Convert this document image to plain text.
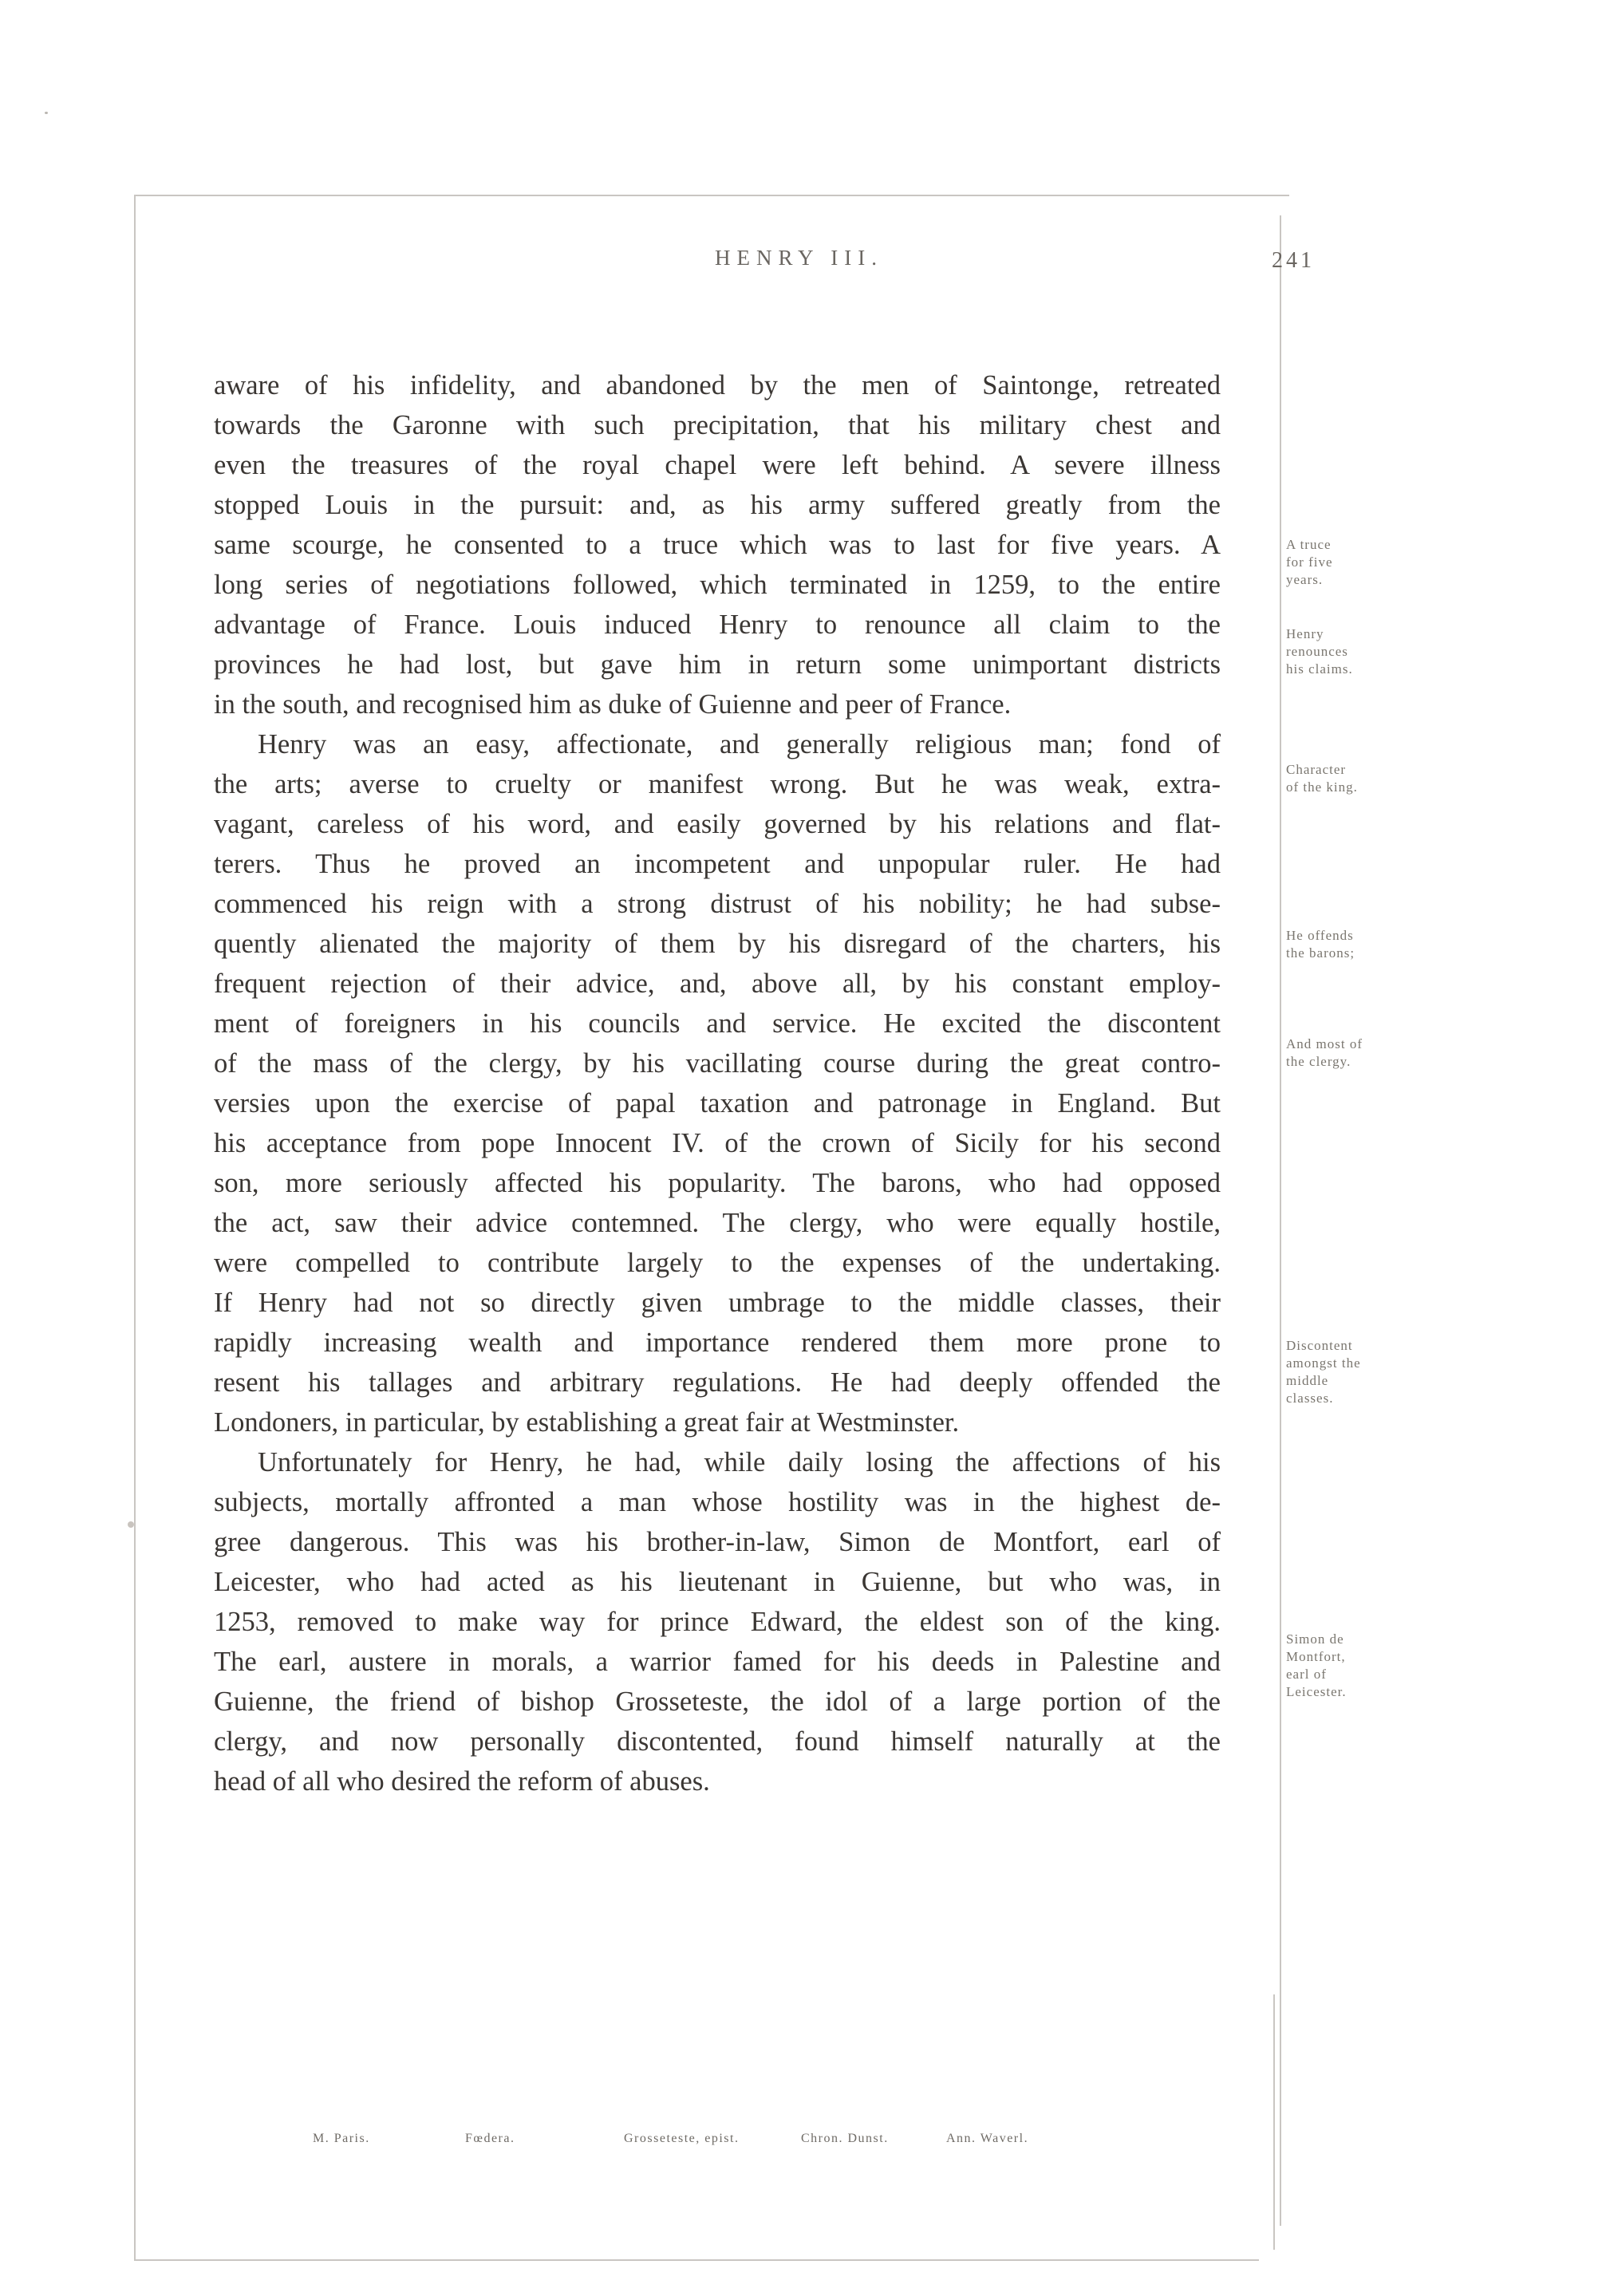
HENRY III.	241
aware of his infidelity, and abandoned by the men of Saintonge, retreated
towards the Garonne with such precipitation, that his military chest and
even the treasures of the royal chapel were left behind. A severe illness
stopped Louis in the pursuit: and, as his army suffered greatly from the
same scourge, he consented to a truce which was to last for five years. A
long series of negotiations followed, which terminated in 1259, to the entire
advantage of France. Louis induced Henry to renounce all claim to the
provinces he had lost, but gave him in return some unimportant districts
in the south, and recognised him as duke of Guienne and peer of France.
Henry was an easy, affectionate, and generally religious man; fond of
the arts; averse to cruelty or manifest wrong. But he was weak, extra-
vagant, careless of his word, and easily governed by his relations and flat-
terers. Thus he proved an incompetent and unpopular ruler. He had
commenced his reign with a strong distrust of his nobility; he had subse-
quently alienated the majority of them by his disregard of the charters, his
frequent rejection of their advice, and, above all, by his constant employ-
ment of foreigners in his councils and service. He excited the discontent
of the mass of the clergy, by his vacillating course during the great contro-
versies upon the exercise of papal taxation and patronage in England. But
his acceptance from pope Innocent IV. of the crown of Sicily for his second
son, more seriously affected his popularity. The barons, who had opposed
the act, saw their advice contemned. The clergy, who were equally hostile,
were compelled to contribute largely to the expenses of the undertaking.
If Henry had not so directly given umbrage to the middle classes, their
rapidly increasing wealth and importance rendered them more prone to
resent his tallages and arbitrary regulations. He had deeply offended the
Londoners, in particular, by establishing a great fair at Westminster.
Unfortunately for Henry, he had, while daily losing the affections of his
subjects, mortally affronted a man whose hostility was in the highest de-
gree dangerous. This was his brother-in-law, Simon de Montfort, earl of
Leicester, who had acted as his lieutenant in Guienne, but who was, in
1253, removed to make way for prince Edward, the eldest son of the king.
The earl, austere in morals, a warrior famed for his deeds in Palestine and
Guienne, the friend of bishop Grosseteste, the idol of a large portion of the
clergy, and now personally discontented, found himself naturally at the
head of all who desired the reform of abuses.
A truce
for five
years.
Henry
renounces
his claims.
Character
of the king.
He offends
the barons;
And most of
the clergy.
Discontent
amongst the
middle
classes.
Simon de
Montfort,
earl of
Leicester.
M. Paris.	Fœdera.	Grosseteste, epist.	Chron. Dunst.	Ann. Waverl.
